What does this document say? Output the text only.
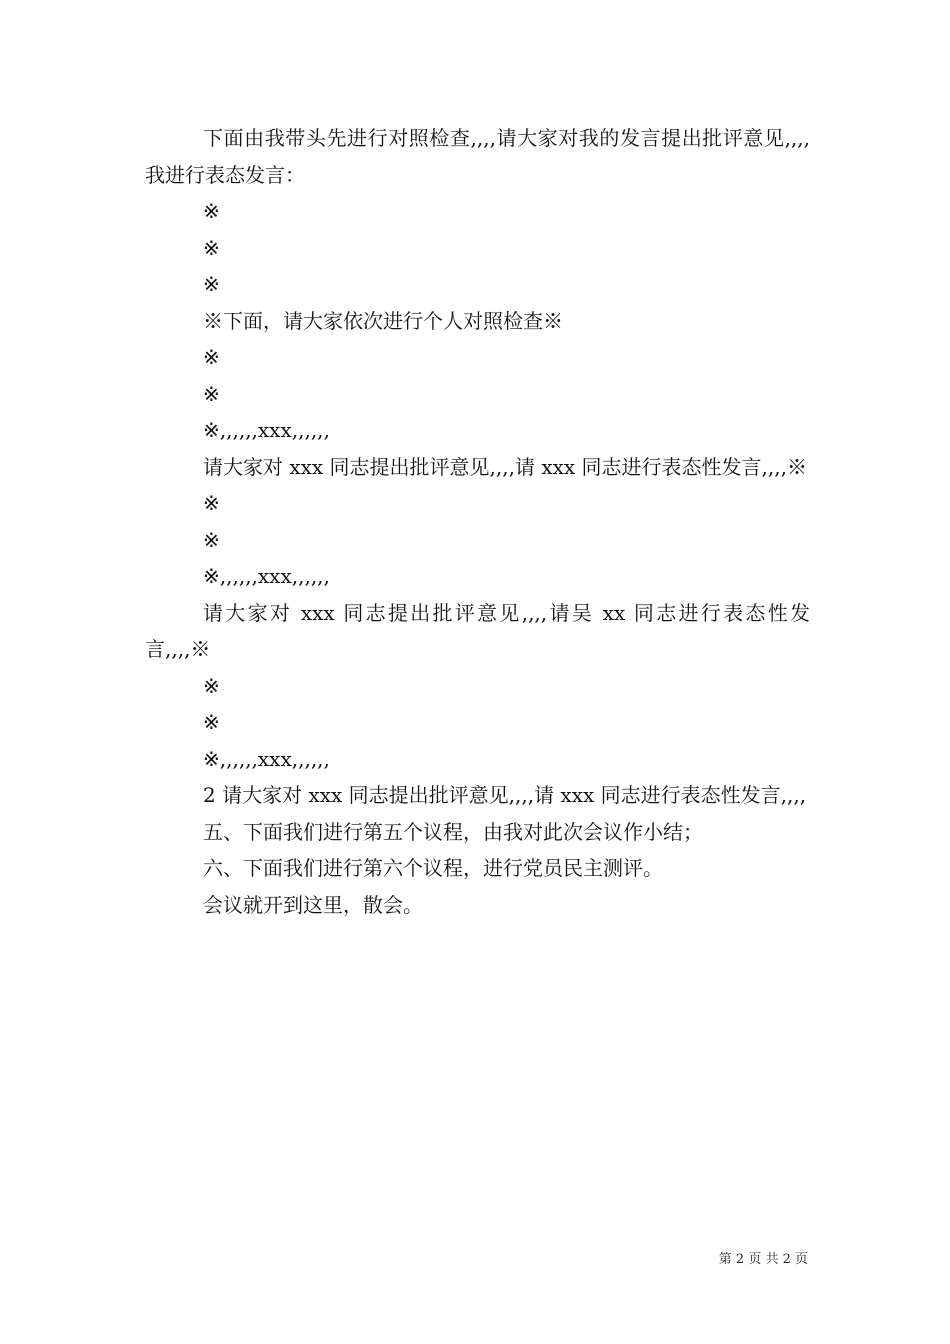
下面由我带头先进行对照检查,,,,请大家对我的发言提出批评意见,,,,我进行表态发言：

※

※

※

※下面，请大家依次进行个人对照检查※

※

※

※,,,,,,xxx,,,,,,

请大家对 xxx 同志提出批评意见,,,,请 xxx 同志进行表态性发言,,,,※

※

※

※,,,,,,xxx,,,,,,

请大家对 xxx 同志提出批评意见,,,,请吴 xx 同志进行表态性发言,,,,※

※

※

※,,,,,,xxx,,,,,,

2 请大家对 xxx 同志提出批评意见,,,,请 xxx 同志进行表态性发言,,,,

五、下面我们进行第五个议程，由我对此次会议作小结；

六、下面我们进行第六个议程，进行党员民主测评。

会议就开到这里，散会。

第 2 页 共 2 页
